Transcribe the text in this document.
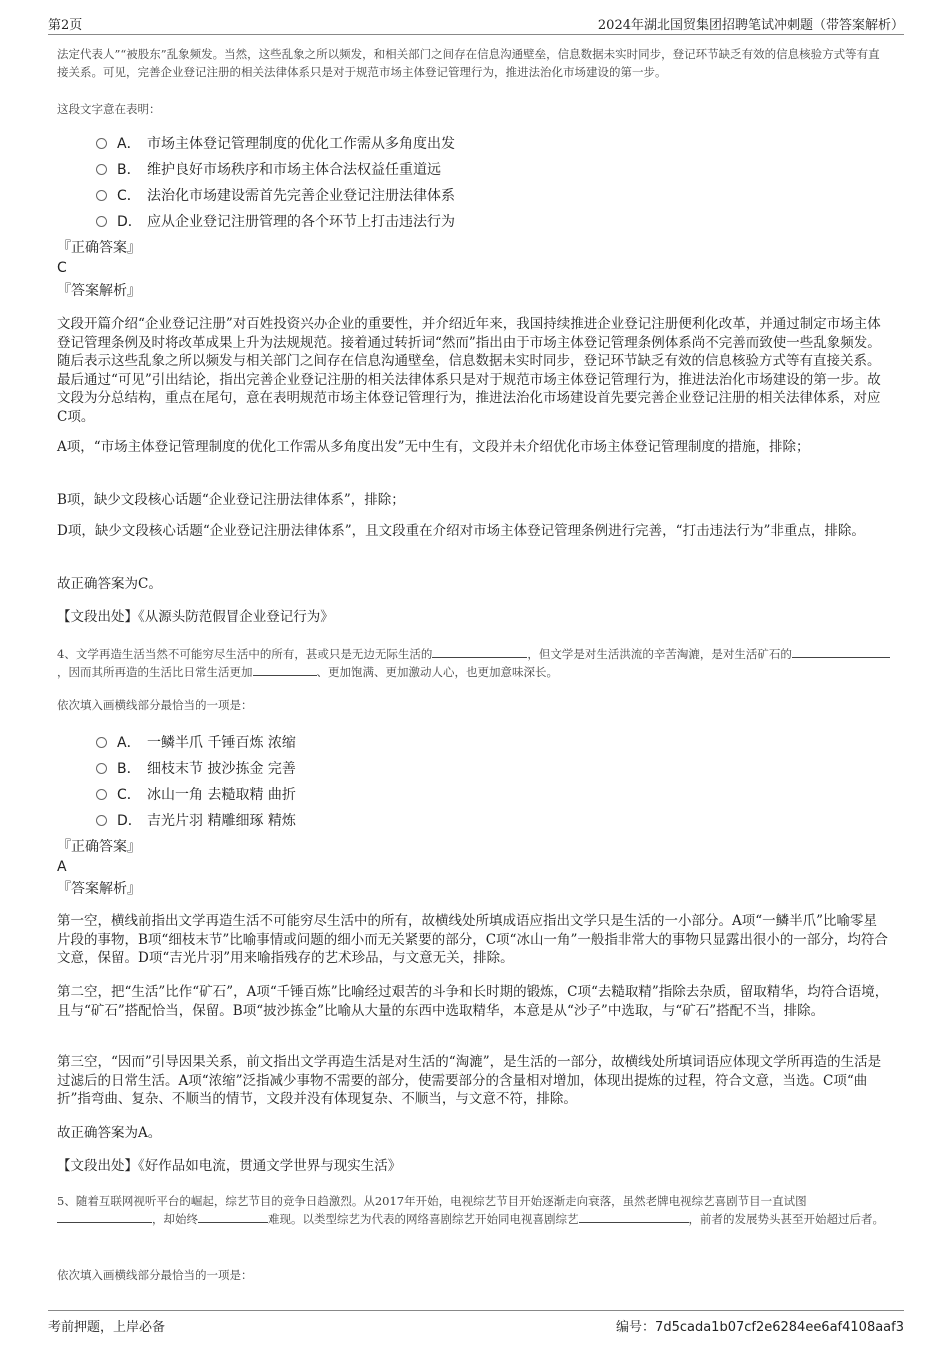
第2页	2024年湖北国贸集团招聘笔试冲刺题（带答案解析）
法定代表人”“被股东”乱象频发。当然，这些乱象之所以频发，和相关部门之间存在信息沟通壁垒，信息数据未实时同步，登记环节缺乏有效的信息核验方式等有直接关系。可见，完善企业登记注册的相关法律体系只是对于规范市场主体登记管理行为，推进法治化市场建设的第一步。
这段文字意在表明：
A． 市场主体登记管理制度的优化工作需从多角度出发
B． 维护良好市场秩序和市场主体合法权益任重道远
C． 法治化市场建设需首先完善企业登记注册法律体系
D． 应从企业登记注册管理的各个环节上打击违法行为
『正确答案』
C
『答案解析』
文段开篇介绍“企业登记注册”对百姓投资兴办企业的重要性，并介绍近年来，我国持续推进企业登记注册便利化改革，并通过制定市场主体登记管理条例及时将改革成果上升为法规规范。接着通过转折词“然而”指出由于市场主体登记管理条例体系尚不完善而致使一些乱象频发。随后表示这些乱象之所以频发与相关部门之间存在信息沟通壁垒，信息数据未实时同步，登记环节缺乏有效的信息核验方式等有直接关系。最后通过“可见”引出结论，指出完善企业登记注册的相关法律体系只是对于规范市场主体登记管理行为，推进法治化市场建设的第一步。故文段为分总结构，重点在尾句，意在表明规范市场主体登记管理行为，推进法治化市场建设首先要完善企业登记注册的相关法律体系，对应C项。
A项，“市场主体登记管理制度的优化工作需从多角度出发”无中生有，文段并未介绍优化市场主体登记管理制度的措施，排除；
B项，缺少文段核心话题“企业登记注册法律体系”，排除；
D项，缺少文段核心话题“企业登记注册法律体系”，且文段重在介绍对市场主体登记管理条例进行完善，“打击违法行为”非重点，排除。
故正确答案为C。
【文段出处】《从源头防范假冒企业登记行为》
4、文学再造生活当然不可能穷尽生活中的所有，甚或只是无边无际生活的	，但文学是对生活洪流的辛苦淘漉，是对生活矿石的，因而其所再造的生活比日常生活更加	、更加饱满、更加激动人心，也更加意味深长。
依次填入画横线部分最恰当的一项是：
A． 一鳞半爪 千锤百炼 浓缩
B． 细枝末节 披沙拣金 完善
C． 冰山一角 去糙取精 曲折
D． 吉光片羽 精雕细琢 精炼
『正确答案』
A
『答案解析』
第一空，横线前指出文学再造生活不可能穷尽生活中的所有，故横线处所填成语应指出文学只是生活的一小部分。A项“一鳞半爪”比喻零星片段的事物，B项“细枝末节”比喻事情或问题的细小而无关紧要的部分，C项“冰山一角”一般指非常大的事物只显露出很小的一部分，均符合文意，保留。D项“吉光片羽”用来喻指残存的艺术珍品，与文意无关，排除。
第二空，把“生活”比作“矿石”，A项“千锤百炼”比喻经过艰苦的斗争和长时期的锻炼，C项“去糙取精”指除去杂质，留取精华，均符合语境，且与“矿石”搭配恰当，保留。B项“披沙拣金”比喻从大量的东西中选取精华，本意是从“沙子”中选取，与“矿石”搭配不当，排除。
第三空，“因而”引导因果关系，前文指出文学再造生活是对生活的“淘漉”，是生活的一部分，故横线处所填词语应体现文学所再造的生活是过滤后的日常生活。A项“浓缩”泛指减少事物不需要的部分，使需要部分的含量相对增加，体现出提炼的过程，符合文意，当选。C项“曲折”指弯曲、复杂、不顺当的情节，文段并没有体现复杂、不顺当，与文意不符，排除。
故正确答案为A。
【文段出处】《好作品如电流，贯通文学世界与现实生活》
5、随着互联网视听平台的崛起，综艺节目的竞争日趋激烈。从2017年开始，电视综艺节目开始逐渐走向衰落，虽然老牌电视综艺喜剧节目一直试图，却始终	难现。以类型综艺为代表的网络喜剧综艺开始同电视喜剧综艺	，前者的发展势头甚至开始超过后者。
依次填入画横线部分最恰当的一项是：
考前押题，上岸必备	编号：7d5cada1b07cf2e6284ee6af4108aaf3
